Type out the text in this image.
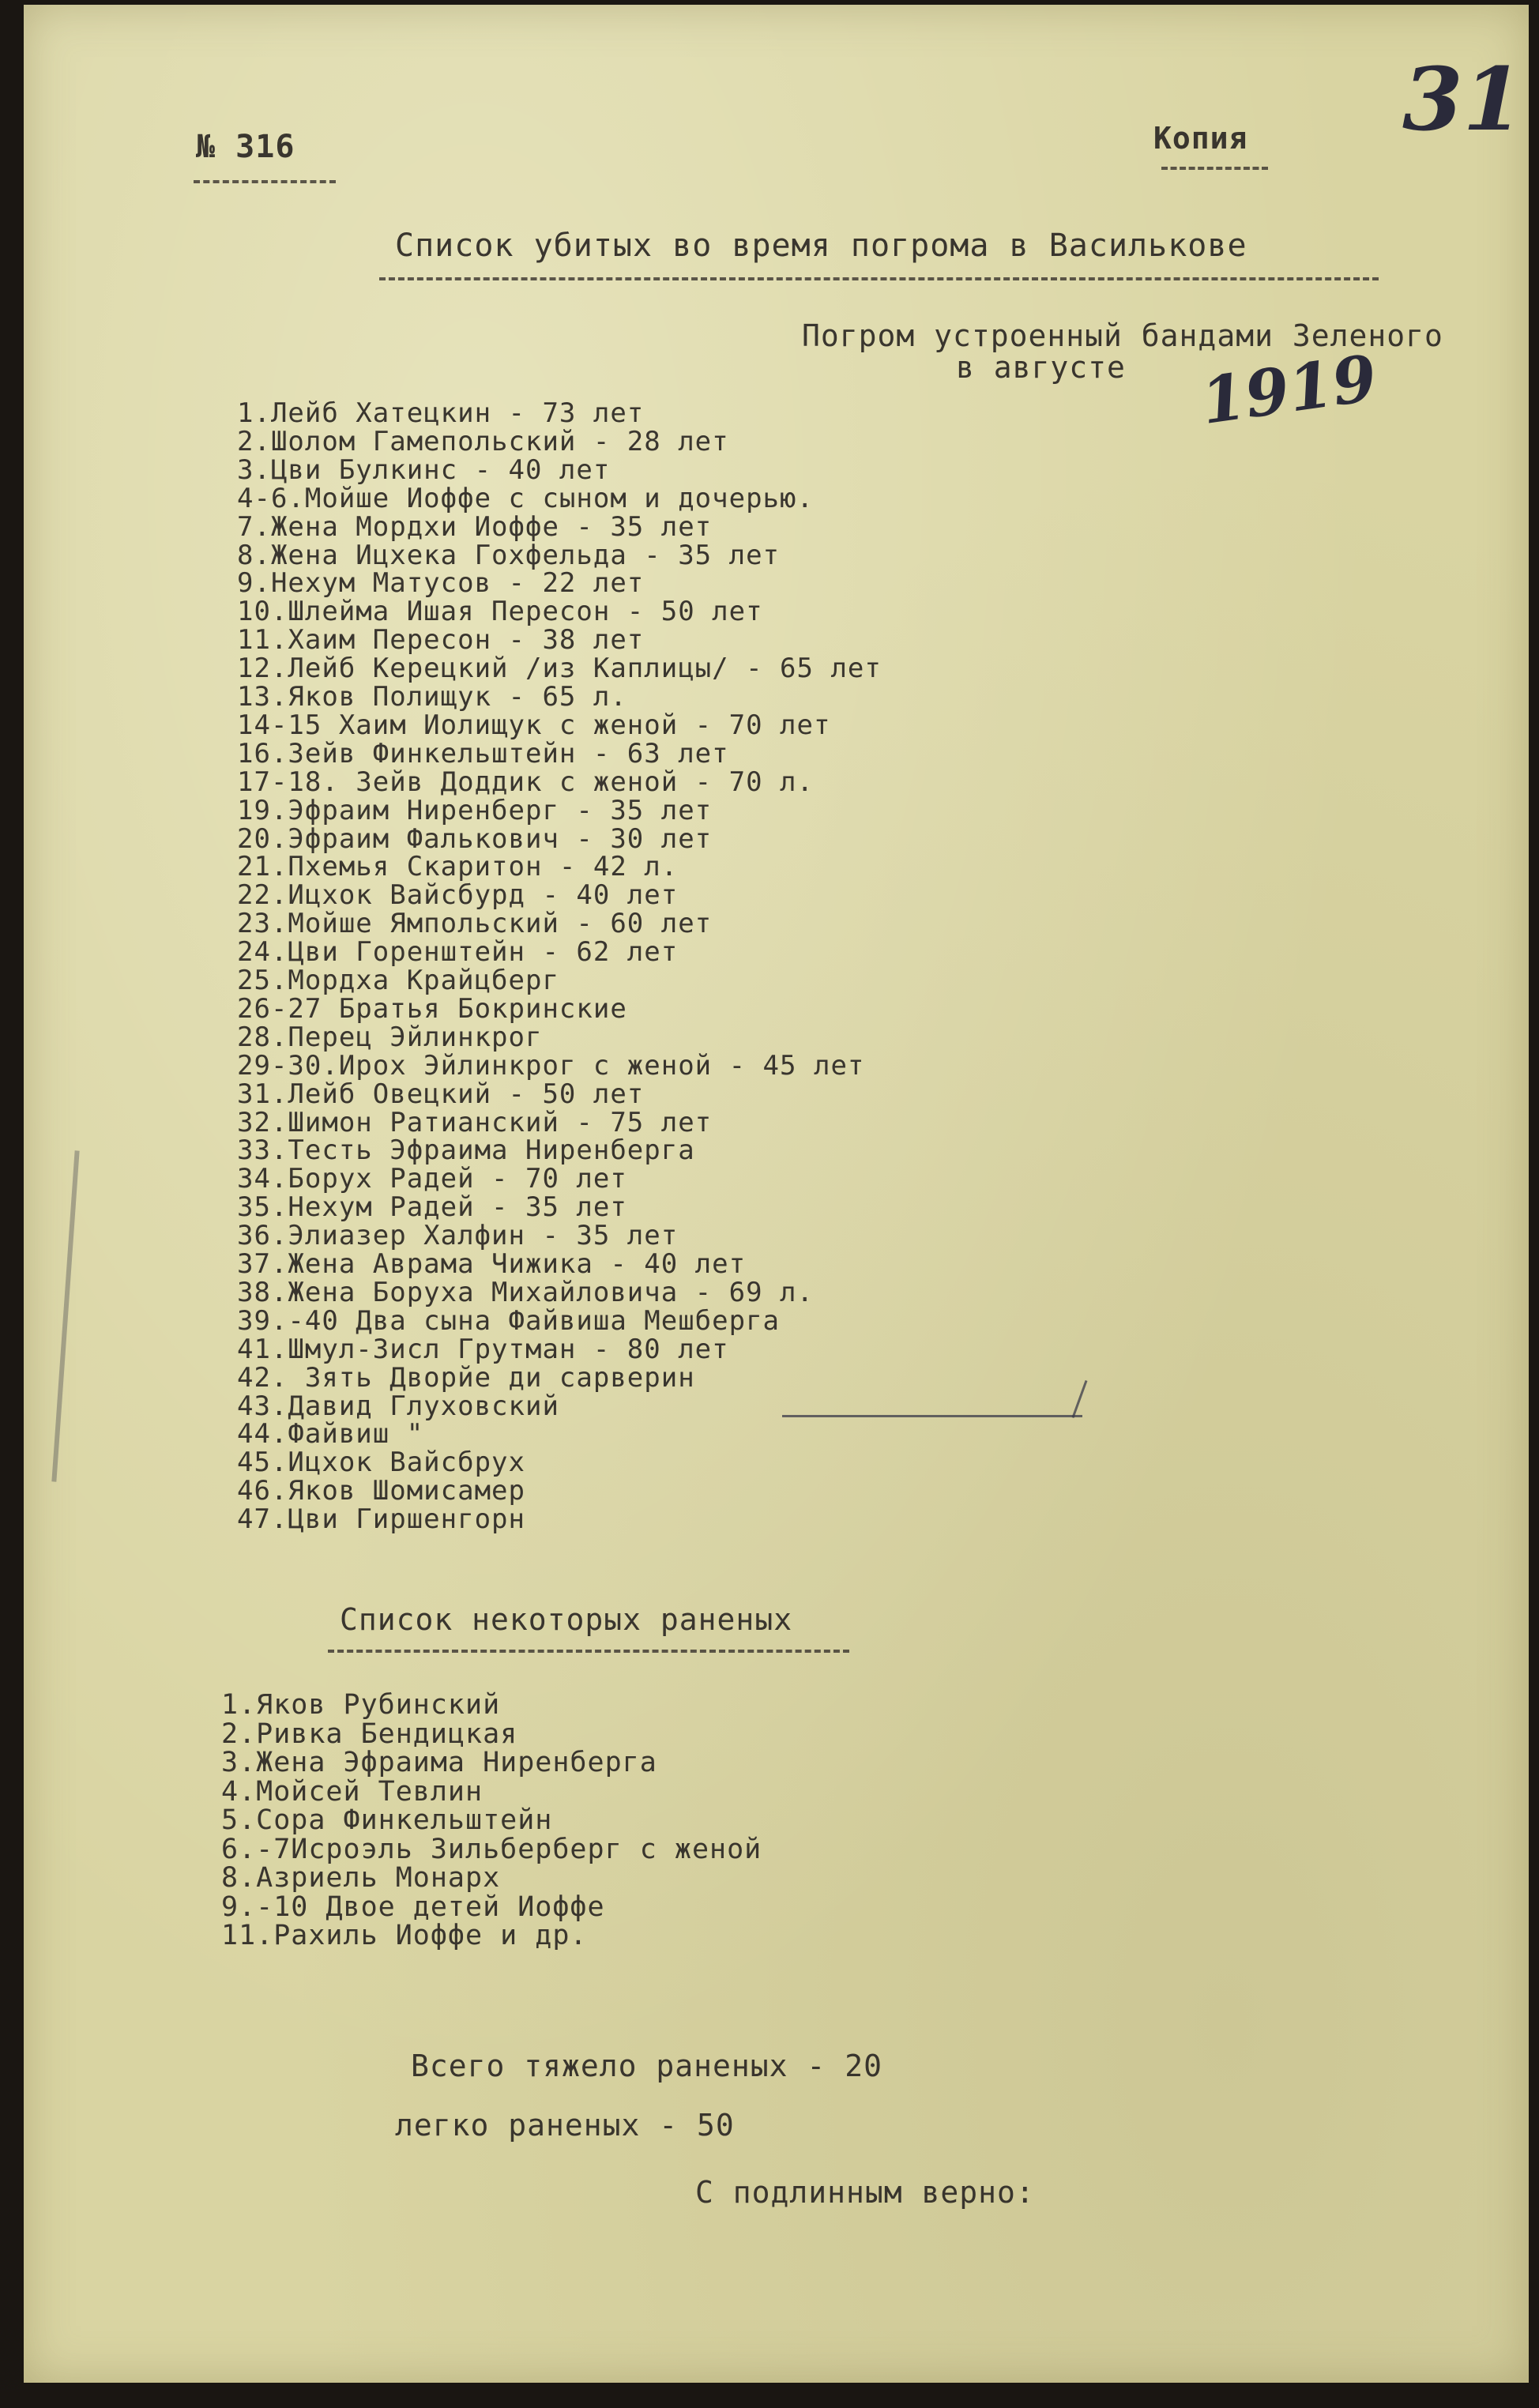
№ 316	Копия 31
Список убитых во время погрома в Василькове
Погром устроенный бандами Зеленого
в августе 1919
1.Лейб Хатецкин - 73 лет
2.Шолом Гамепольский - 28 лет
3.Цви Булкинс - 40 лет
4-6.Мойше Иоффе с сыном и дочерью.
7.Жена Мордхи Иоффе - 35 лет
8.Жена Ицхека Гохфельда - 35 лет
9.Нехум Матусов - 22 лет
10.Шлейма Ишая Пересон - 50 лет
11.Хаим Пересон - 38 лет
12.Лейб Керецкий /из Каплицы/ - 65 лет
13.Яков Полищук - 65 л.
14-15 Хаим Иолищук с женой - 70 лет
16.Зейв Финкельштейн - 63 лет
17-18. Зейв Доддик с женой - 70 л.
19.Эфраим Ниренберг - 35 лет
20.Эфраим Фалькович - 30 лет
21.Пхемья Скаритон - 42 л.
22.Ицхок Вайсбурд - 40 лет
23.Мойше Ямпольский - 60 лет
24.Цви Горенштейн - 62 лет
25.Мордха Крайцберг
26-27 Братья Бокринские
28.Перец Эйлинкрог
29-30.Ирох Эйлинкрог с женой - 45 лет
31.Лейб Овецкий - 50 лет
32.Шимон Ратианский - 75 лет
33.Тесть Эфраима Ниренберга
34.Борух Радей - 70 лет
35.Нехум Радей - 35 лет
36.Элиазер Халфин - 35 лет
37.Жена Аврама Чижика - 40 лет
38.Жена Боруха Михайловича - 69 л.
39.-40 Два сына Файвиша Мешберга
41.Шмул-Зисл Грутман - 80 лет
42. Зять Дворйе ди сарверин
43.Давид Глуховский
44.Файвиш "
45.Ицхок Вайсбрух
46.Яков Шомисамер
47.Цви Гиршенгорн
Список некоторых раненых
1.Яков Рубинский
2.Ривка Бендицкая
3.Жена Эфраима Ниренберга
4.Мойсей Тевлин
5.Сора Финкельштейн
6.-7Исроэль Зильберберг с женой
8.Азриель Монарх
9.-10 Двое детей Иоффе
11.Рахиль Иоффе и др.
Всего тяжело раненых - 20
легко раненых - 50
С подлинным верно:
